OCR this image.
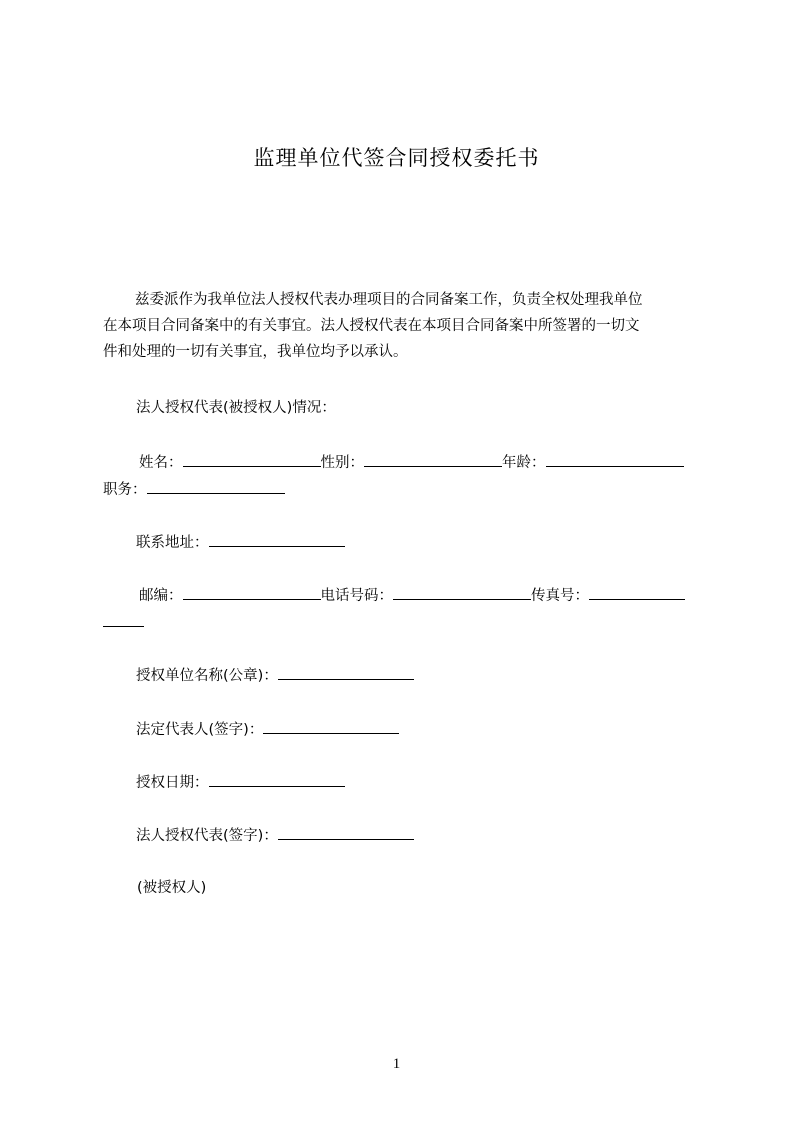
监理单位代签合同授权委托书
兹委派作为我单位法人授权代表办理项目的合同备案工作，负责全权处理我单位
在本项目合同备案中的有关事宜。法人授权代表在本项目合同备案中所签署的一切文
件和处理的一切有关事宜，我单位均予以承认。
法人授权代表(被授权人)情况：
姓名：	性别：	年龄：
职务：
联系地址：
邮编：	电话号码：	传真号：
授权单位名称(公章)：
法定代表人(签字)：
授权日期：
法人授权代表(签字)：
(被授权人)
1
